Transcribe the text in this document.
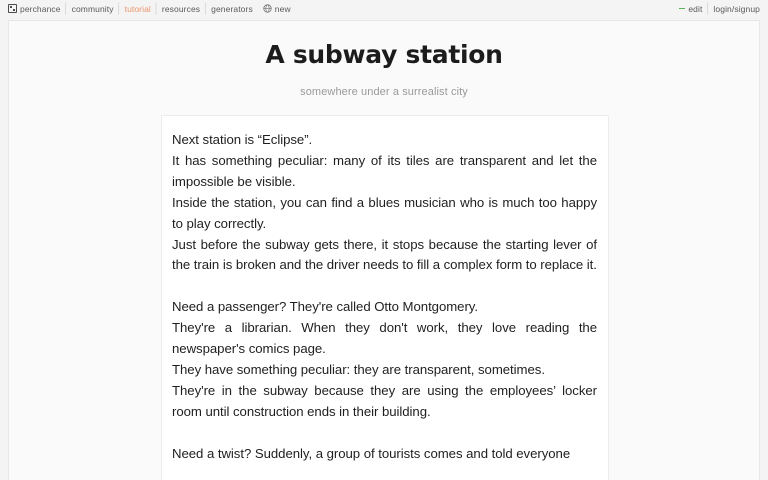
perchance │ community │ tutorial │ resources │ generators	new	edit │ login/signup
A subway station
somewhere under a surrealist city

Next station is “Eclipse”.

It has something peculiar: many of its tiles are transparent and let the impossible be visible.

Inside the station, you can find a blues musician who is much too happy to play correctly.

Just before the subway gets there, it stops because the starting lever of the train is broken and the driver needs to fill a complex form to replace it.

Need a passenger? They're called Otto Montgomery.

They're a librarian. When they don't work, they love reading the newspaper's comics page.

They have something peculiar: they are transparent, sometimes.

They're in the subway because they are using the employees’ locker room until construction ends in their building.

Need a twist? Suddenly, a group of tourists comes and told everyone
